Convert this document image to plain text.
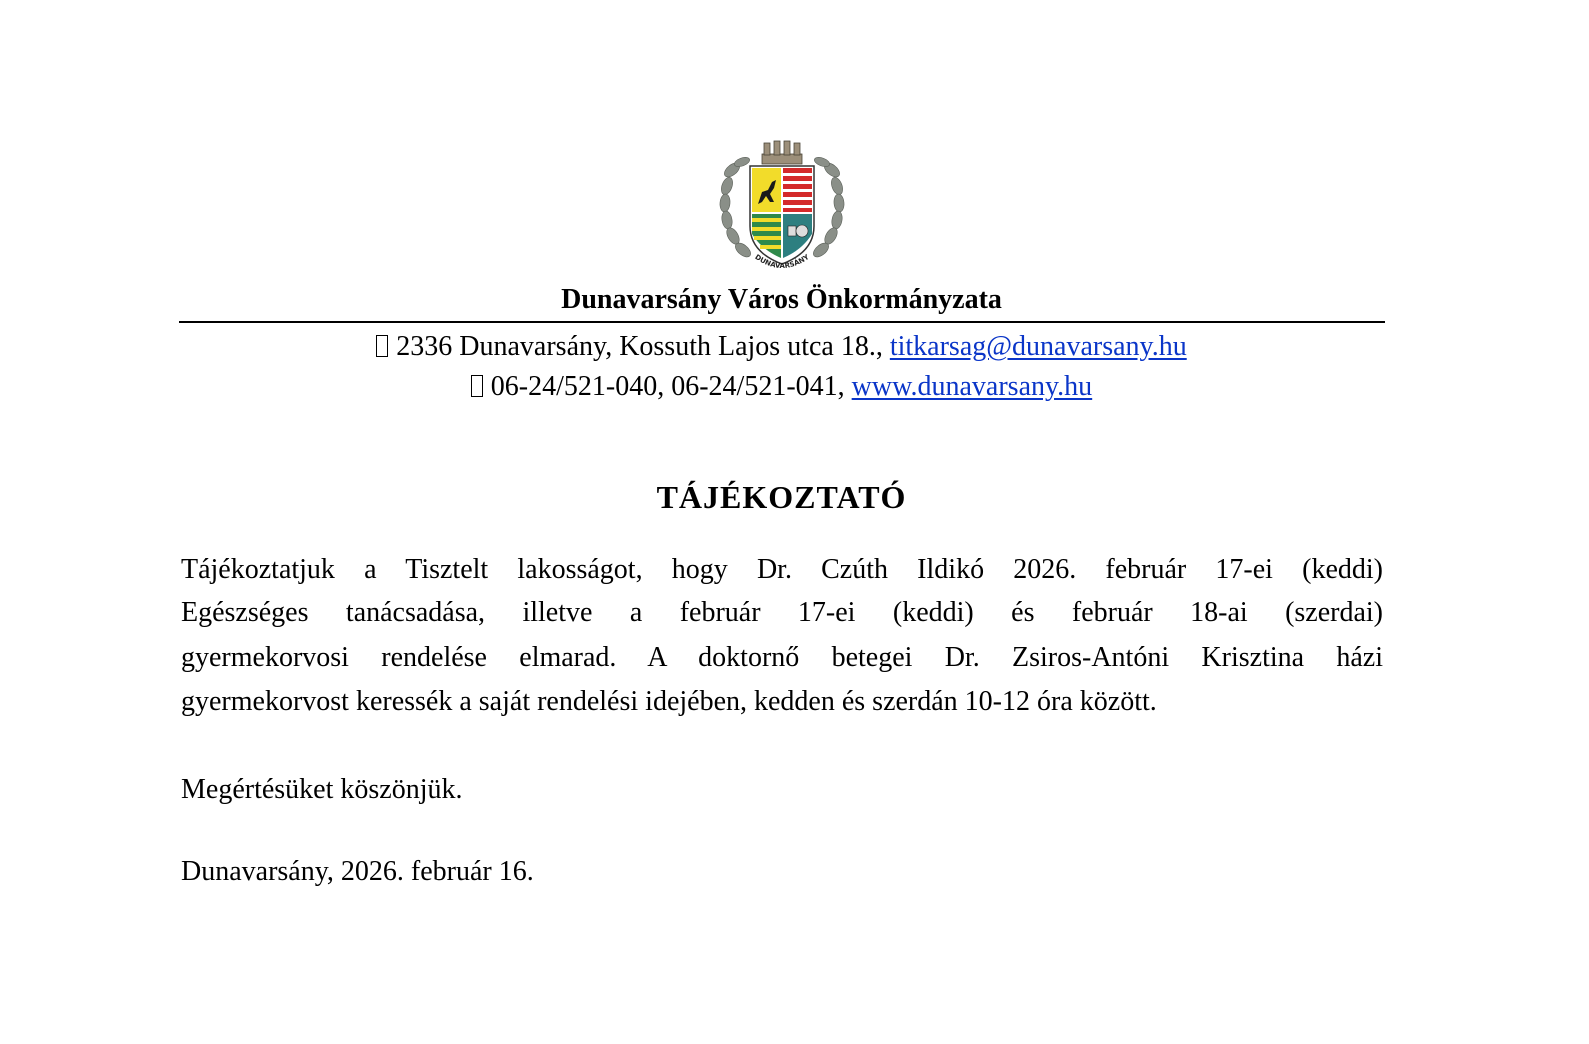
DUNAVARSÁNY
Dunavarsány Város Önkormányzata
2336 Dunavarsány, Kossuth Lajos utca 18., titkarsag@dunavarsany.hu
06-24/521-040, 06-24/521-041, www.dunavarsany.hu
TÁJÉKOZTATÓ
Tájékoztatjuk a Tisztelt lakosságot, hogy Dr. Czúth Ildikó 2026. február 17-ei (keddi)
Egészséges tanácsadása, illetve a február 17-ei (keddi) és február 18-ai (szerdai)
gyermekorvosi rendelése elmarad. A doktornő betegei Dr. Zsiros-Antóni Krisztina házi
gyermekorvost keressék a saját rendelési idejében, kedden és szerdán 10-12 óra között.
Megértésüket köszönjük.
Dunavarsány, 2026. február 16.
